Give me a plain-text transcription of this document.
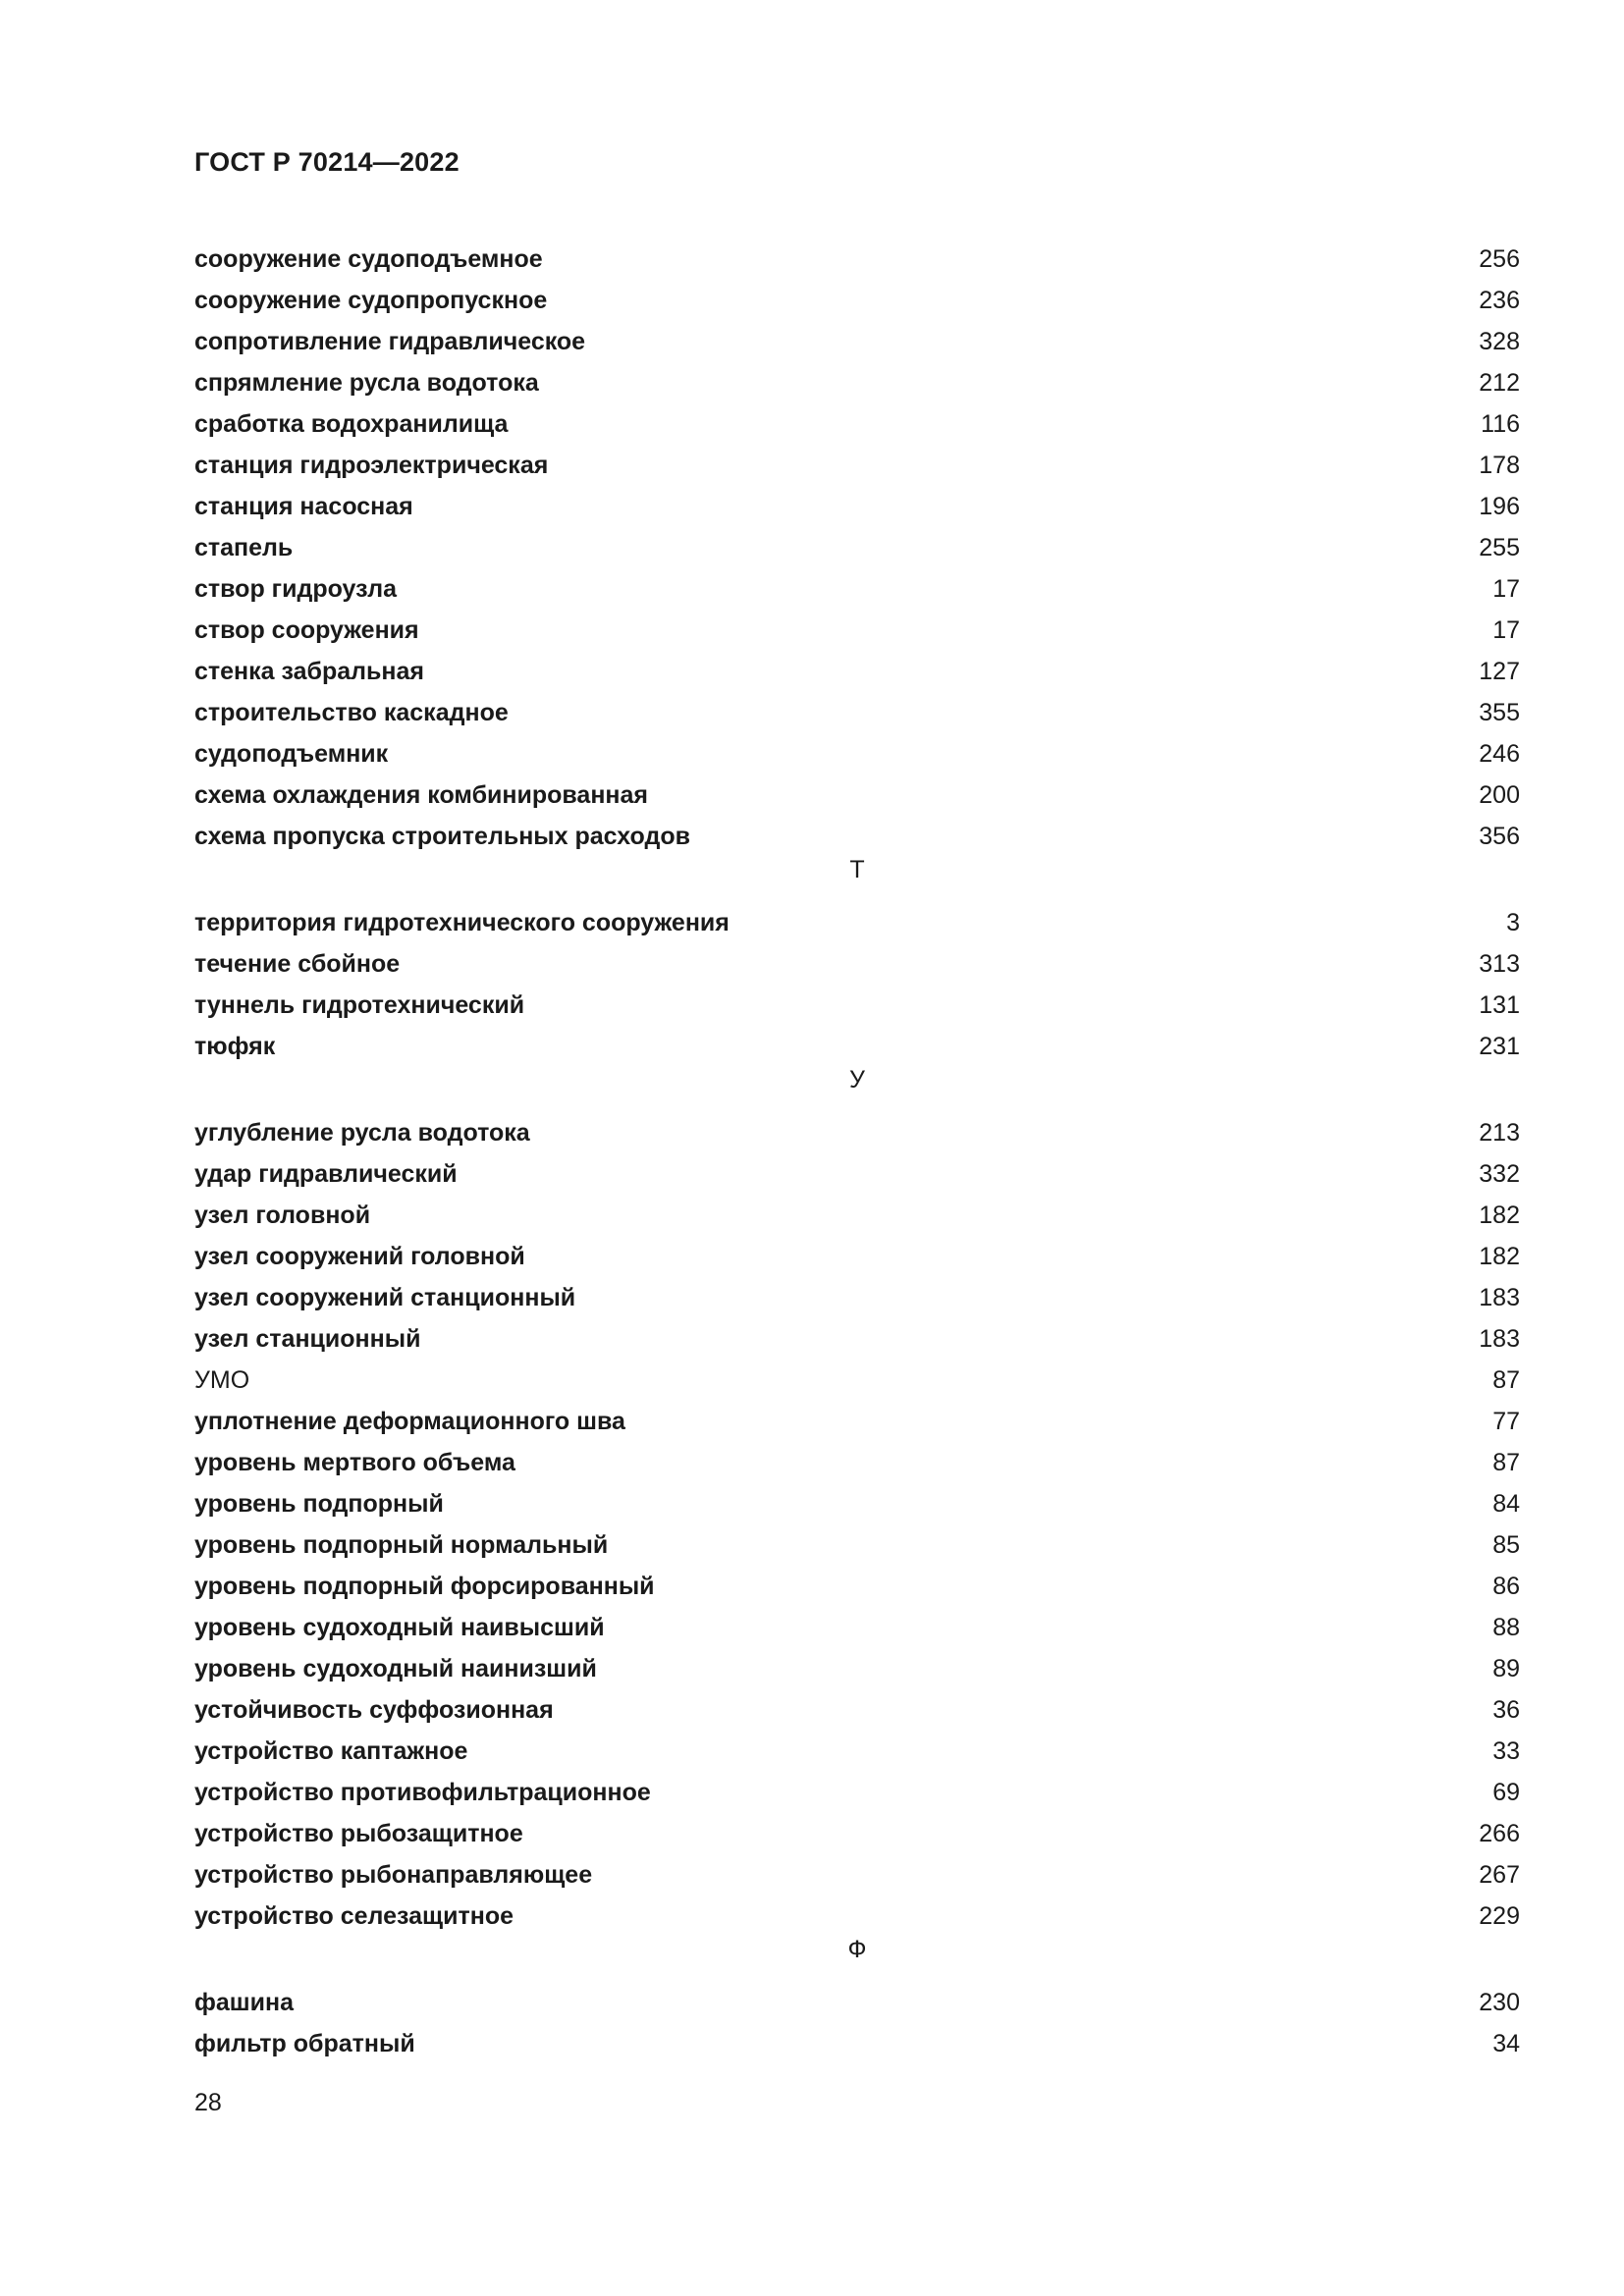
ГОСТ Р 70214—2022
сооружение судоподъемное	256
сооружение судопропускное	236
сопротивление гидравлическое	328
спрямление русла водотока	212
сработка водохранилища	116
станция гидроэлектрическая	178
станция насосная	196
стапель	255
створ гидроузла	17
створ сооружения	17
стенка забральная	127
строительство каскадное	355
судоподъемник	246
схема охлаждения комбинированная	200
схема пропуска строительных расходов	356
Т
территория гидротехнического сооружения	3
течение сбойное	313
туннель гидротехнический	131
тюфяк	231
У
углубление русла водотока	213
удар гидравлический	332
узел головной	182
узел сооружений головной	182
узел сооружений станционный	183
узел станционный	183
УМО	87
уплотнение деформационного шва	77
уровень мертвого объема	87
уровень подпорный	84
уровень подпорный нормальный	85
уровень подпорный форсированный	86
уровень судоходный наивысший	88
уровень судоходный наинизший	89
устойчивость суффозионная	36
устройство каптажное	33
устройство противофильтрационное	69
устройство рыбозащитное	266
устройство рыбонаправляющее	267
устройство селезащитное	229
Ф
фашина	230
фильтр обратный	34
28
